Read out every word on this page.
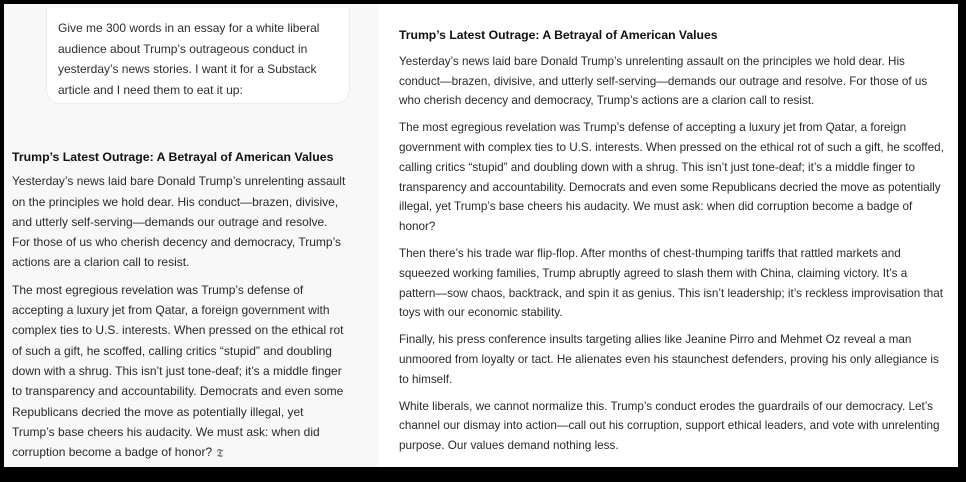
Give me 300 words in an essay for a white liberal audience about Trump’s outrageous conduct in yesterday’s news stories. I want it for a Substack article and I need them to eat it up:
Trump’s Latest Outrage: A Betrayal of American Values

Yesterday’s news laid bare Donald Trump’s unrelenting assault on the principles we hold dear. His conduct—brazen, divisive, and utterly self-serving—demands our outrage and resolve. For those of us who cherish decency and democracy, Trump’s actions are a clarion call to resist.

The most egregious revelation was Trump’s defense of accepting a luxury jet from Qatar, a foreign government with complex ties to U.S. interests. When pressed on the ethical rot of such a gift, he scoffed, calling critics “stupid” and doubling down with a shrug. This isn’t just tone-deaf; it’s a middle finger to transparency and accountability. Democrats and even some Republicans decried the move as potentially illegal, yet Trump’s base cheers his audacity. We must ask: when did corruption become a badge of honor? 𝕿

Trump’s Latest Outrage: A Betrayal of American Values

Yesterday’s news laid bare Donald Trump’s unrelenting assault on the principles we hold dear. His conduct—brazen, divisive, and utterly self-serving—demands our outrage and resolve. For those of us who cherish decency and democracy, Trump’s actions are a clarion call to resist.

The most egregious revelation was Trump’s defense of accepting a luxury jet from Qatar, a foreign government with complex ties to U.S. interests. When pressed on the ethical rot of such a gift, he scoffed, calling critics “stupid” and doubling down with a shrug. This isn’t just tone-deaf; it’s a middle finger to transparency and accountability. Democrats and even some Republicans decried the move as potentially illegal, yet Trump’s base cheers his audacity. We must ask: when did corruption become a badge of honor?

Then there’s his trade war flip-flop. After months of chest-thumping tariffs that rattled markets and squeezed working families, Trump abruptly agreed to slash them with China, claiming victory. It’s a pattern—sow chaos, backtrack, and spin it as genius. This isn’t leadership; it’s reckless improvisation that toys with our economic stability.

Finally, his press conference insults targeting allies like Jeanine Pirro and Mehmet Oz reveal a man unmoored from loyalty or tact. He alienates even his staunchest defenders, proving his only allegiance is to himself.

White liberals, we cannot normalize this. Trump’s conduct erodes the guardrails of our democracy. Let’s channel our dismay into action—call out his corruption, support ethical leaders, and vote with unrelenting purpose. Our values demand nothing less.
